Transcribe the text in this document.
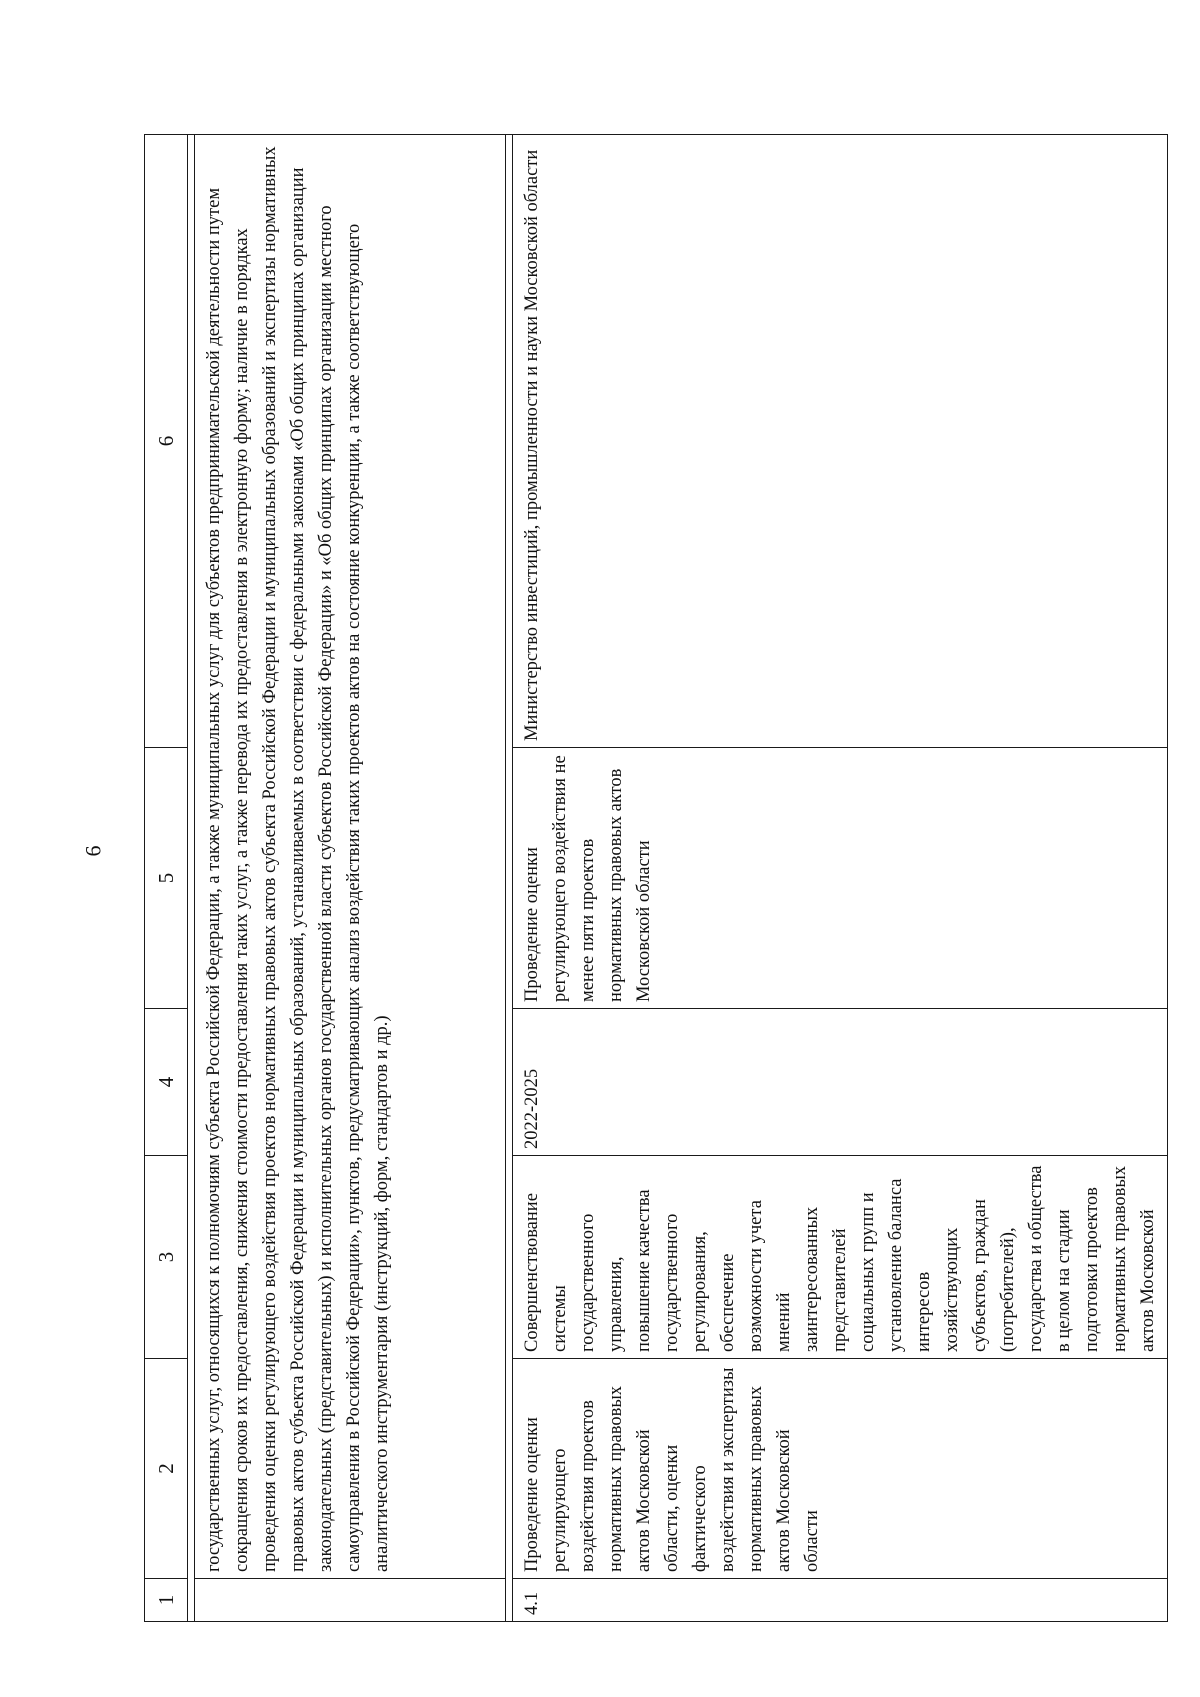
6
1	2	3	4	5	6

	государственных услуг, относящихся к полномочиям субъекта Российской Федерации, а также муниципальных услуг для субъектов предпринимательской деятельности путем сокращения сроков их предоставления, снижения стоимости предоставления таких услуг, а также перевода их предоставления в электронную форму; наличие в порядках проведения оценки регулирующего воздействия проектов нормативных правовых актов субъекта Российской Федерации и муниципальных образований и экспертизы нормативных правовых актов субъекта Российской Федерации и муниципальных образований, устанавливаемых в соответствии с федеральными законами «Об общих принципах организации законодательных (представительных) и исполнительных органов государственной власти субъектов Российской Федерации» и «Об общих принципах организации местного самоуправления в Российской Федерации», пунктов, предусматривающих анализ воздействия таких проектов актов на состояние конкуренции, а также соответствующего аналитического инструментария (инструкций, форм, стандартов и др.)				

4.1	Проведение оценки регулирующего воздействия проектов нормативных правовых актов Московской области, оценки фактического воздействия и экспертизы нормативных правовых актов Московской области	Совершенствование системы государственного управления, повышение качества государственного регулирования, обеспечение возможности учета мнений заинтересованных представителей социальных групп и установление баланса интересов хозяйствующих субъектов, граждан (потребителей), государства и общества в целом на стадии подготовки проектов нормативных правовых актов Московской	2022-2025	Проведение оценки регулирующего воздействия не менее пяти проектов нормативных правовых актов Московской области	Министерство инвестиций, промышленности и науки Московской области
